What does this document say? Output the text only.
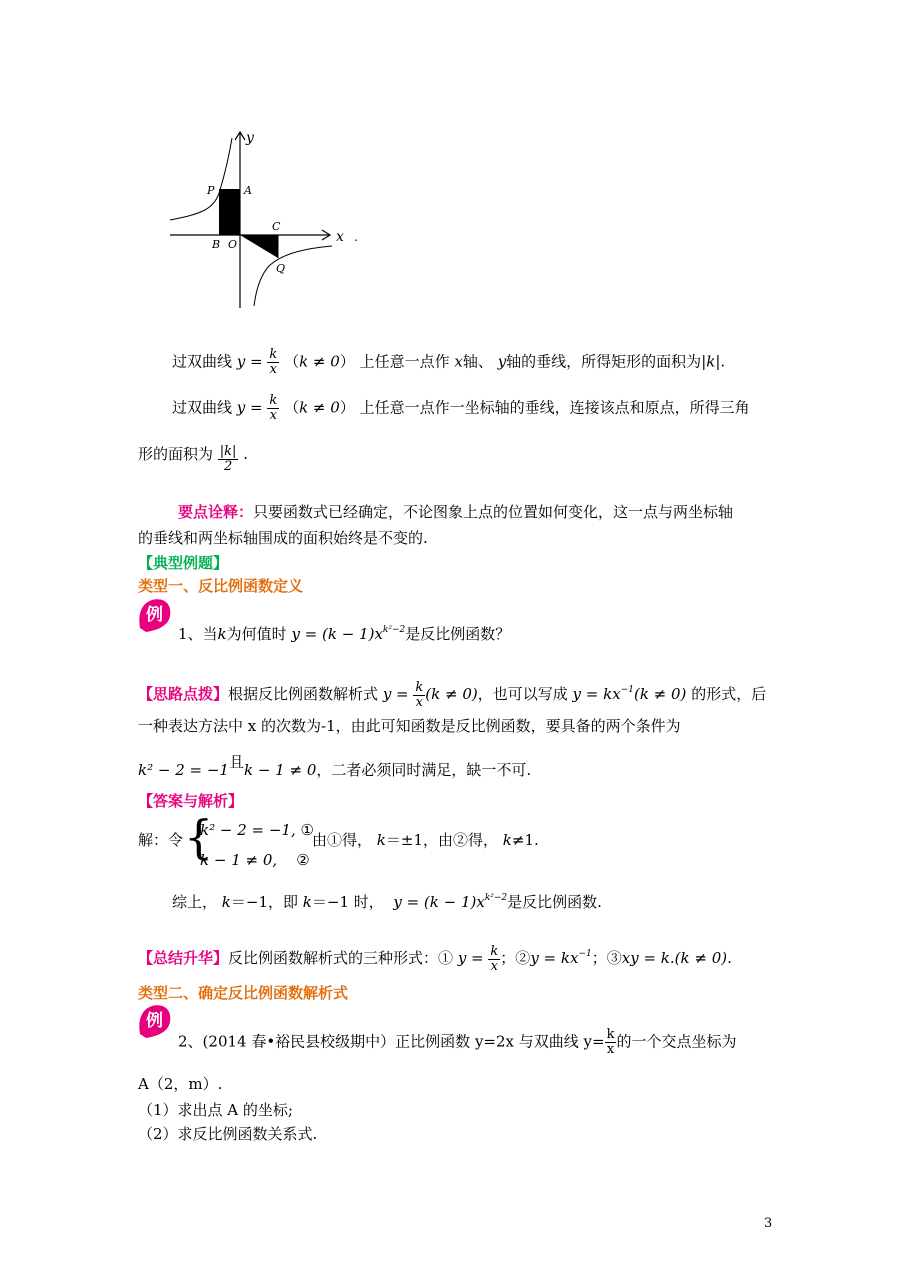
y
x .
P	A
B O
C
Q
过双曲线 $y = \frac{k}{x} (k \ne 0)$ 上任意一点作 x轴、 y轴的垂线，所得矩形的面积为|k|.
过双曲线 $y = \frac{k}{x} (k \ne 0)$ 上任意一点作一坐标轴的垂线，连接该点和原点，所得三角
形的面积为 $\frac{|k|}{2}$ .
要点诠释：只要函数式已经确定，不论图象上点的位置如何变化，这一点与两坐标轴
的垂线和两坐标轴围成的面积始终是不变的.
【典型例题】
类型一、反比例函数定义
例
1、当k为何值时 $y = (k - 1)x^{k^2-2}$是反比例函数？
【思路点拨】根据反比例函数解析式 $y = \frac{k}{x} (k \ne 0)$，也可以写成 $y = kx^{-1}(k \ne 0)$ 的形式，后
一种表达方法中 x 的次数为-1，由此可知函数是反比例函数，要具备的两个条件为
k² − 2 = −1且k − 1 ≠ 0，二者必须同时满足，缺一不可.
【答案与解析】
解：令 {
k² − 2 = −1, ①
k − 1 ≠ 0, ②
由①得， k＝±1，由②得， k≠1.
综上， k＝−1，即 k＝−1 时， $y = (k - 1)x^{k^2-2}$是反比例函数.
【总结升华】反比例函数解析式的三种形式：① $y = \frac{k}{x}$ ；②y = $kx^{-1}$；③xy = k.(k ≠ 0).
类型二、确定反比例函数解析式
例
2、(2014 春•裕民县校级期中）正比例函数 y=2x 与双曲线 $y= \frac{k}{x}$ 的一个交点坐标为
A（2，m）.
（1）求出点 A 的坐标;
（2）求反比例函数关系式.
3
